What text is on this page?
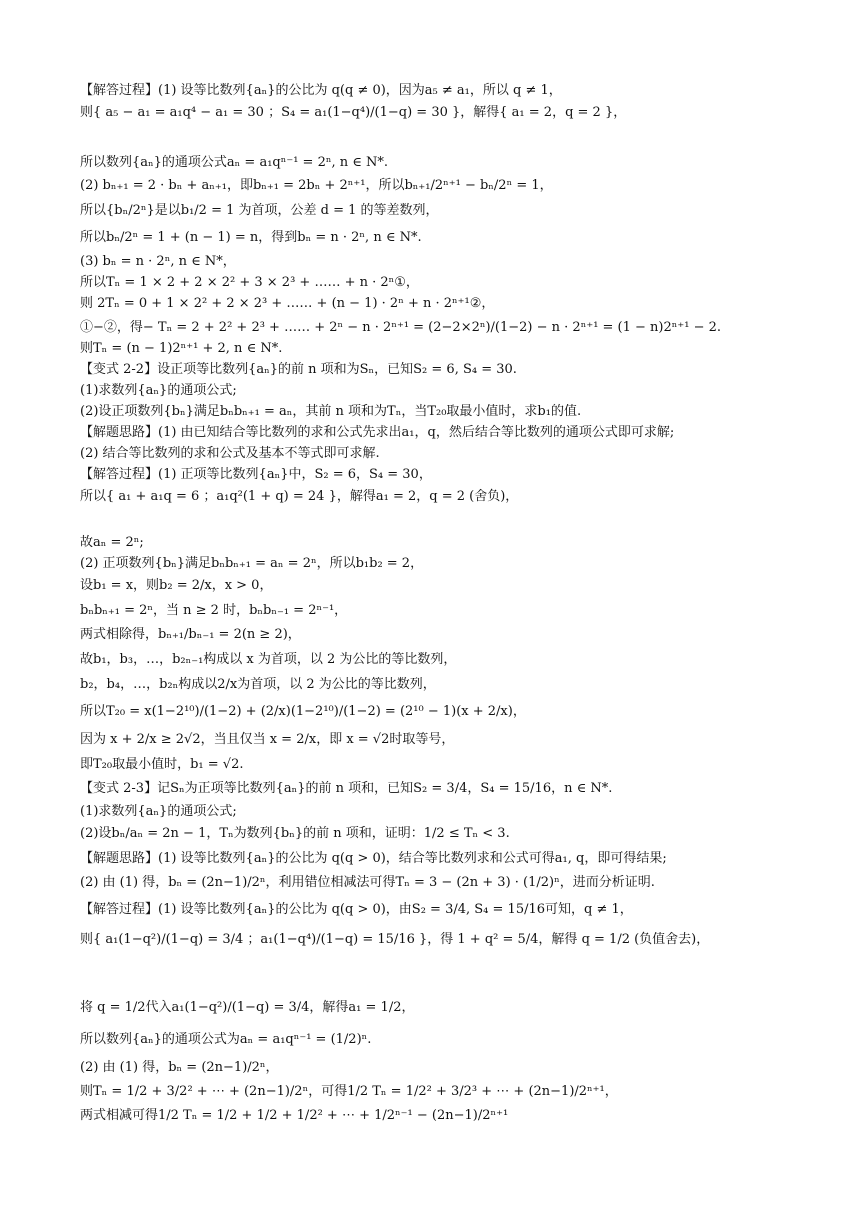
【解答过程】(1) 设等比数列{aₙ}的公比为 q(q ≠ 0)，因为a₅ ≠ a₁，所以 q ≠ 1，
则{ a₅ − a₁ = a₁q⁴ − a₁ = 30 ；S₄ = a₁(1−q⁴)/(1−q) = 30 }，解得{ a₁ = 2，q = 2 }，
所以数列{aₙ}的通项公式aₙ = a₁qⁿ⁻¹ = 2ⁿ, n ∈ N*.
(2) bₙ₊₁ = 2 · bₙ + aₙ₊₁，即bₙ₊₁ = 2bₙ + 2ⁿ⁺¹，所以bₙ₊₁/2ⁿ⁺¹ − bₙ/2ⁿ = 1，
所以{bₙ/2ⁿ}是以b₁/2 = 1 为首项，公差 d = 1 的等差数列，
所以bₙ/2ⁿ = 1 + (n − 1) = n，得到bₙ = n · 2ⁿ, n ∈ N*.
(3) bₙ = n · 2ⁿ, n ∈ N*，
所以Tₙ = 1 × 2 + 2 × 2² + 3 × 2³ + …… + n · 2ⁿ①，
则 2Tₙ = 0 + 1 × 2² + 2 × 2³ + …… + (n − 1) · 2ⁿ + n · 2ⁿ⁺¹②，
①−②，得− Tₙ = 2 + 2² + 2³ + …… + 2ⁿ − n · 2ⁿ⁺¹ = (2−2×2ⁿ)/(1−2) − n · 2ⁿ⁺¹ = (1 − n)2ⁿ⁺¹ − 2.
则Tₙ = (n − 1)2ⁿ⁺¹ + 2, n ∈ N*.
【变式 2-2】设正项等比数列{aₙ}的前 n 项和为Sₙ，已知S₂ = 6, S₄ = 30.
(1)求数列{aₙ}的通项公式;
(2)设正项数列{bₙ}满足bₙbₙ₊₁ = aₙ，其前 n 项和为Tₙ，当T₂₀取最小值时，求b₁的值.
【解题思路】(1) 由已知结合等比数列的求和公式先求出a₁，q，然后结合等比数列的通项公式即可求解;
(2) 结合等比数列的求和公式及基本不等式即可求解.
【解答过程】(1) 正项等比数列{aₙ}中，S₂ = 6，S₄ = 30，
所以{ a₁ + a₁q = 6 ；a₁q²(1 + q) = 24 }，解得a₁ = 2，q = 2 (舍负)，
故aₙ = 2ⁿ;
(2) 正项数列{bₙ}满足bₙbₙ₊₁ = aₙ = 2ⁿ，所以b₁b₂ = 2，
设b₁ = x，则b₂ = 2/x，x > 0，
bₙbₙ₊₁ = 2ⁿ，当 n ≥ 2 时，bₙbₙ₋₁ = 2ⁿ⁻¹，
两式相除得，bₙ₊₁/bₙ₋₁ = 2(n ≥ 2)，
故b₁，b₃，…，b₂ₙ₋₁构成以 x 为首项，以 2 为公比的等比数列，
b₂，b₄，…，b₂ₙ构成以2/x为首项，以 2 为公比的等比数列，
所以T₂₀ = x(1−2¹⁰)/(1−2) + (2/x)(1−2¹⁰)/(1−2) = (2¹⁰ − 1)(x + 2/x)，
因为 x + 2/x ≥ 2√2，当且仅当 x = 2/x，即 x = √2时取等号，
即T₂₀取最小值时，b₁ = √2.
【变式 2-3】记Sₙ为正项等比数列{aₙ}的前 n 项和，已知S₂ = 3/4，S₄ = 15/16，n ∈ N*.
(1)求数列{aₙ}的通项公式;
(2)设bₙ/aₙ = 2n − 1，Tₙ为数列{bₙ}的前 n 项和，证明：1/2 ≤ Tₙ < 3.
【解题思路】(1) 设等比数列{aₙ}的公比为 q(q > 0)，结合等比数列求和公式可得a₁, q，即可得结果;
(2) 由 (1) 得，bₙ = (2n−1)/2ⁿ，利用错位相减法可得Tₙ = 3 − (2n + 3) · (1/2)ⁿ，进而分析证明.
【解答过程】(1) 设等比数列{aₙ}的公比为 q(q > 0)，由S₂ = 3/4, S₄ = 15/16可知，q ≠ 1，
则{ a₁(1−q²)/(1−q) = 3/4 ；a₁(1−q⁴)/(1−q) = 15/16 }，得 1 + q² = 5/4，解得 q = 1/2 (负值舍去)，
将 q = 1/2代入a₁(1−q²)/(1−q) = 3/4，解得a₁ = 1/2，
所以数列{aₙ}的通项公式为aₙ = a₁qⁿ⁻¹ = (1/2)ⁿ.
(2) 由 (1) 得，bₙ = (2n−1)/2ⁿ，
则Tₙ = 1/2 + 3/2² + ⋯ + (2n−1)/2ⁿ，可得1/2 Tₙ = 1/2² + 3/2³ + ⋯ + (2n−1)/2ⁿ⁺¹，
两式相减可得1/2 Tₙ = 1/2 + 1/2 + 1/2² + ⋯ + 1/2ⁿ⁻¹ − (2n−1)/2ⁿ⁺¹
